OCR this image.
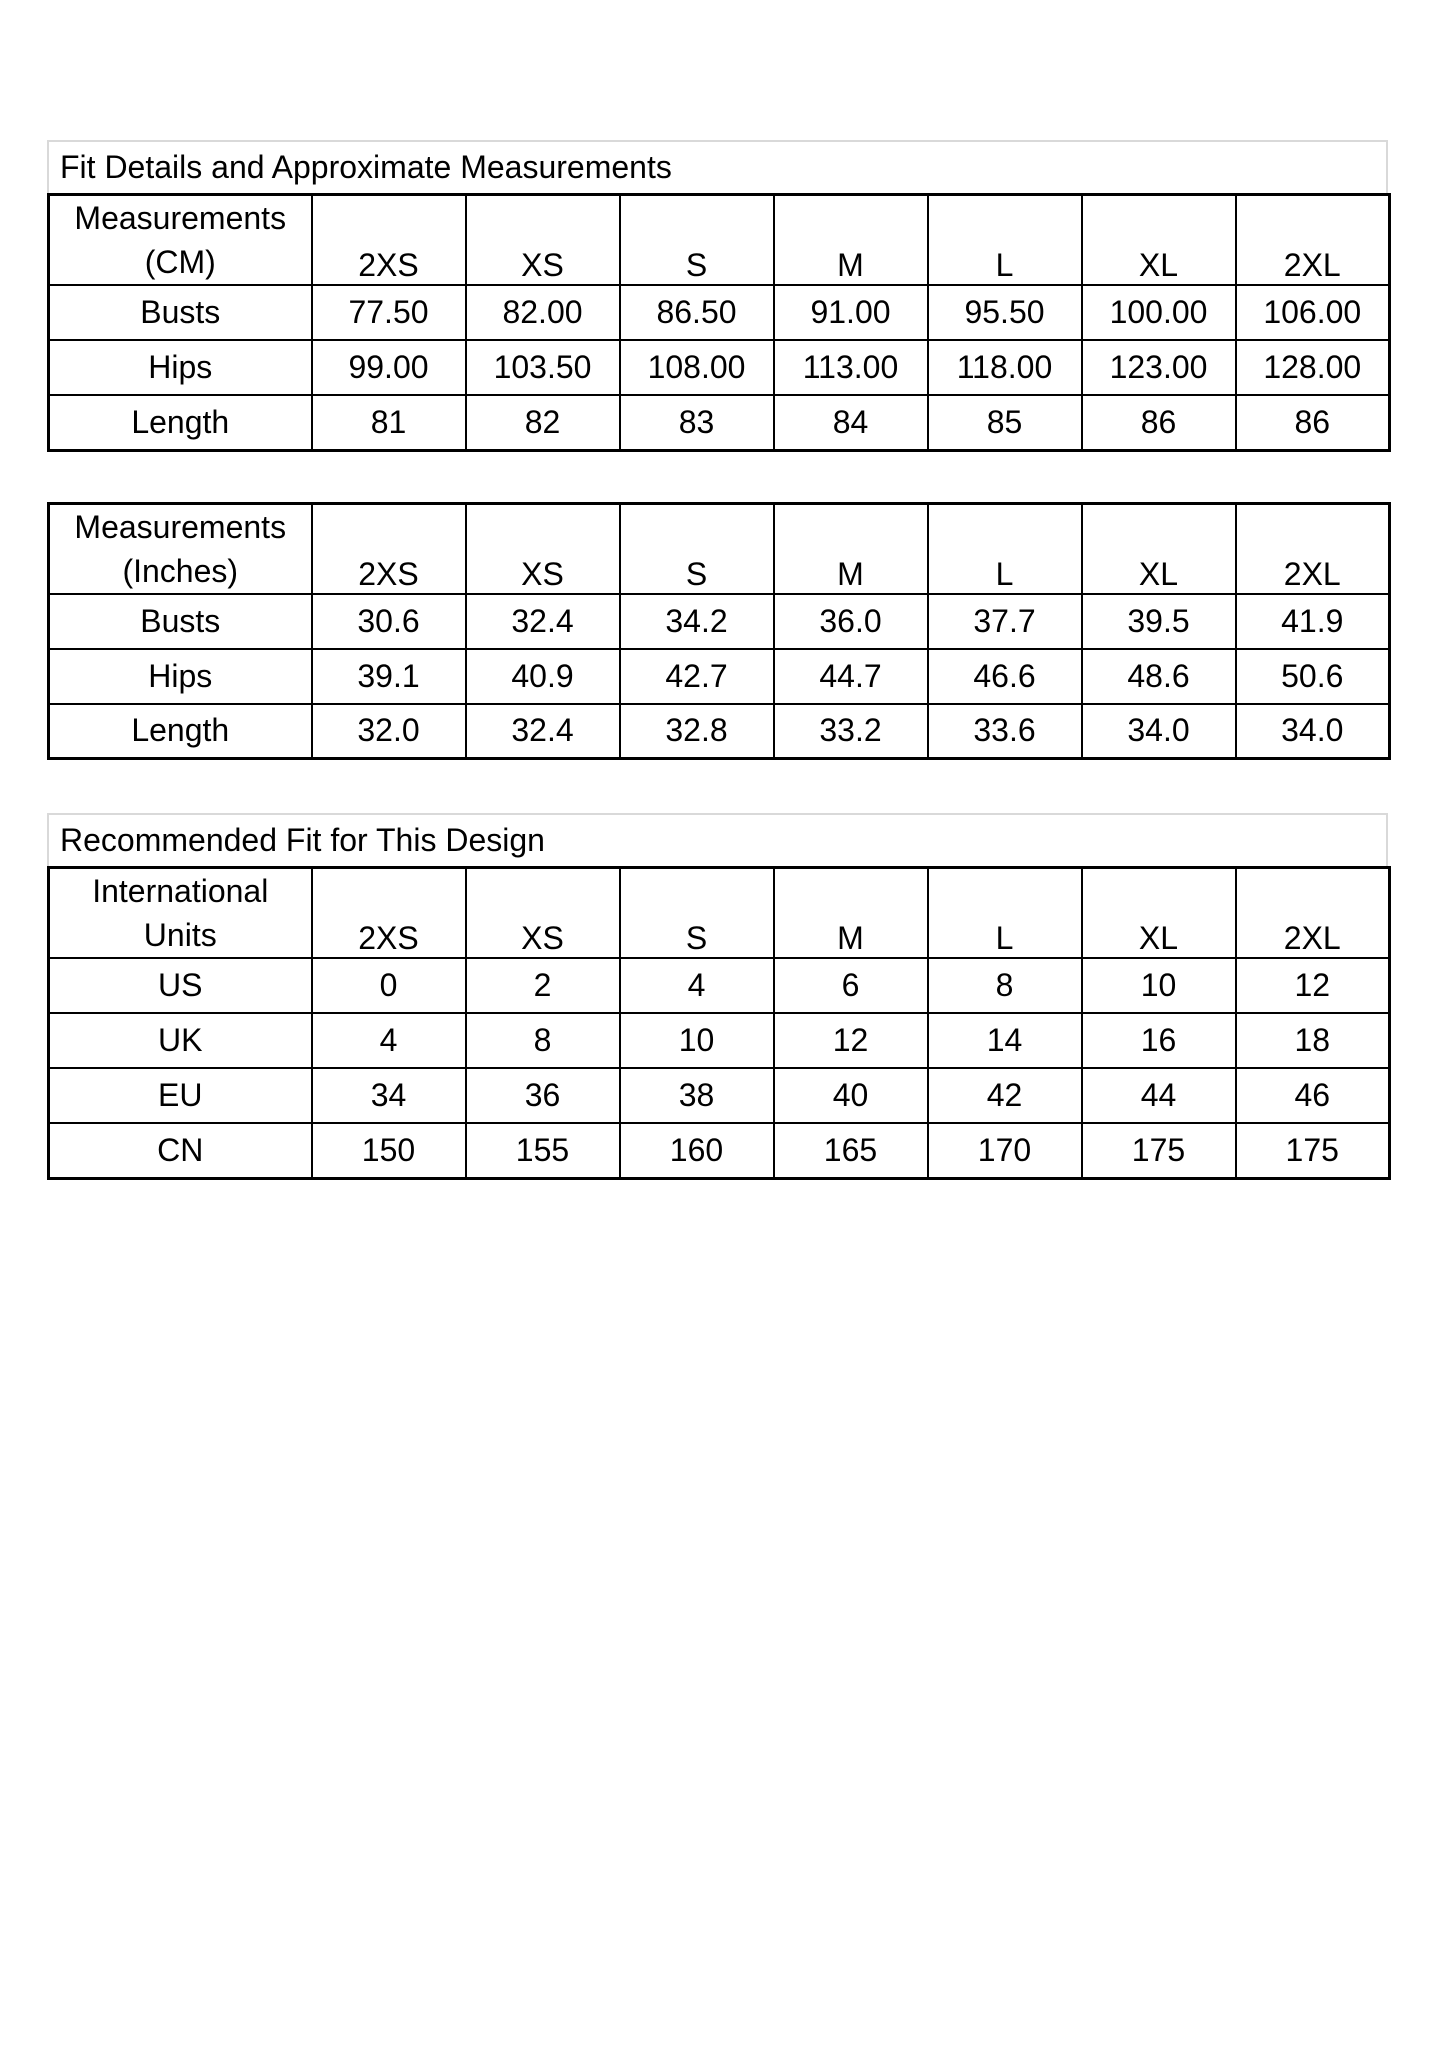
Fit Details and Approximate Measurements
Measurements
(CM)	2XS	XS	S	M	L	XL	2XL
Busts	77.50	82.00	86.50	91.00	95.50	100.00	106.00
Hips	99.00	103.50	108.00	113.00	118.00	123.00	128.00
Length	81	82	83	84	85	86	86
Measurements
(Inches)	2XS	XS	S	M	L	XL	2XL
Busts	30.6	32.4	34.2	36.0	37.7	39.5	41.9
Hips	39.1	40.9	42.7	44.7	46.6	48.6	50.6
Length	32.0	32.4	32.8	33.2	33.6	34.0	34.0
Recommended Fit for This Design
International
Units	2XS	XS	S	M	L	XL	2XL
US	0	2	4	6	8	10	12
UK	4	8	10	12	14	16	18
EU	34	36	38	40	42	44	46
CN	150	155	160	165	170	175	175
